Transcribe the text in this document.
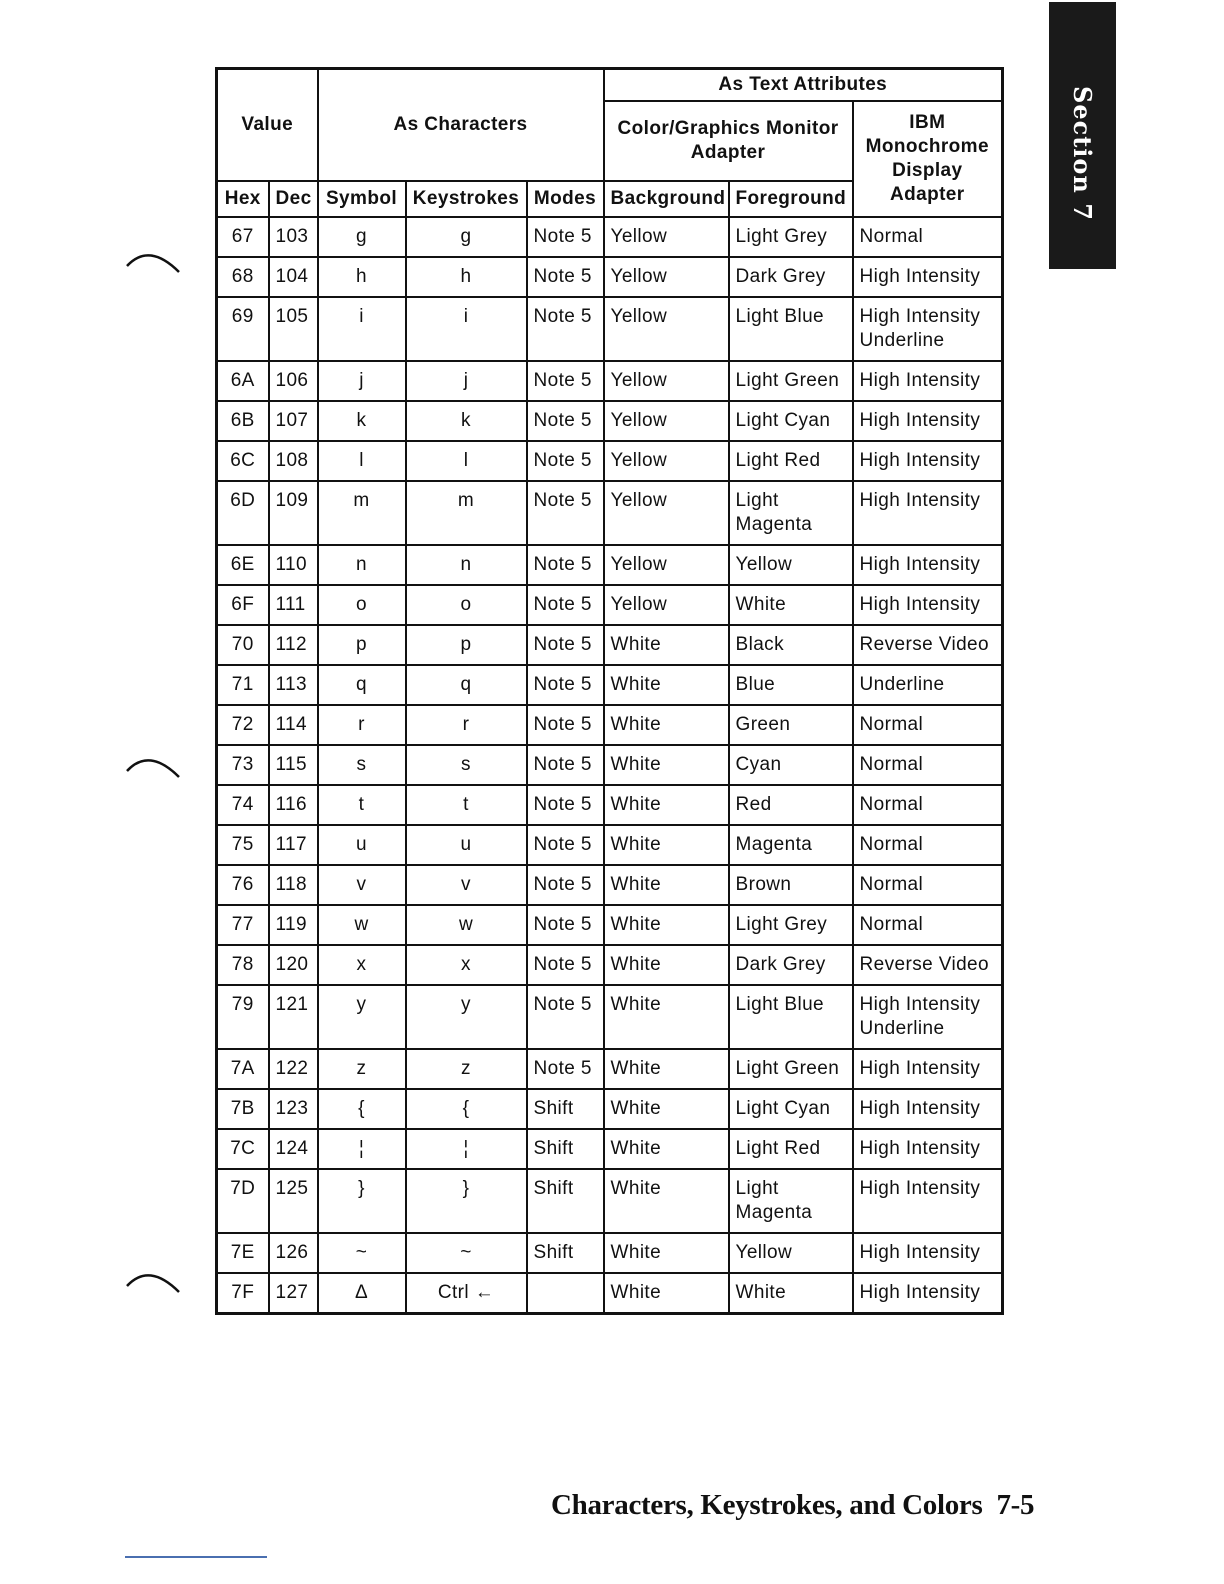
Section 7
Value		As Characters			As Text Attributes		
					Color/Graphics Monitor Adapter		IBM Monochrome Display Adapter
Hex	Dec	Symbol	Keystrokes	Modes	Background	Foreground	
67	103	g	g	Note 5	Yellow	Light Grey	Normal
68	104	h	h	Note 5	Yellow	Dark Grey	High Intensity
69	105	i	i	Note 5	Yellow	Light Blue	High Intensity Underline
6A	106	j	j	Note 5	Yellow	Light Green	High Intensity
6B	107	k	k	Note 5	Yellow	Light Cyan	High Intensity
6C	108	l	l	Note 5	Yellow	Light Red	High Intensity
6D	109	m	m	Note 5	Yellow	Light Magenta	High Intensity
6E	110	n	n	Note 5	Yellow	Yellow	High Intensity
6F	111	o	o	Note 5	Yellow	White	High Intensity
70	112	p	p	Note 5	White	Black	Reverse Video
71	113	q	q	Note 5	White	Blue	Underline
72	114	r	r	Note 5	White	Green	Normal
73	115	s	s	Note 5	White	Cyan	Normal
74	116	t	t	Note 5	White	Red	Normal
75	117	u	u	Note 5	White	Magenta	Normal
76	118	v	v	Note 5	White	Brown	Normal
77	119	w	w	Note 5	White	Light Grey	Normal
78	120	x	x	Note 5	White	Dark Grey	Reverse Video
79	121	y	y	Note 5	White	Light Blue	High Intensity Underline
7A	122	z	z	Note 5	White	Light Green	High Intensity
7B	123	{	{	Shift	White	Light Cyan	High Intensity
7C	124	¦	¦	Shift	White	Light Red	High Intensity
7D	125	}	}	Shift	White	Light Magenta	High Intensity
7E	126	~	~	Shift	White	Yellow	High Intensity
7F	127	Δ	Ctrl ←		White	White	High Intensity
Characters, Keystrokes, and Colors 7-5
